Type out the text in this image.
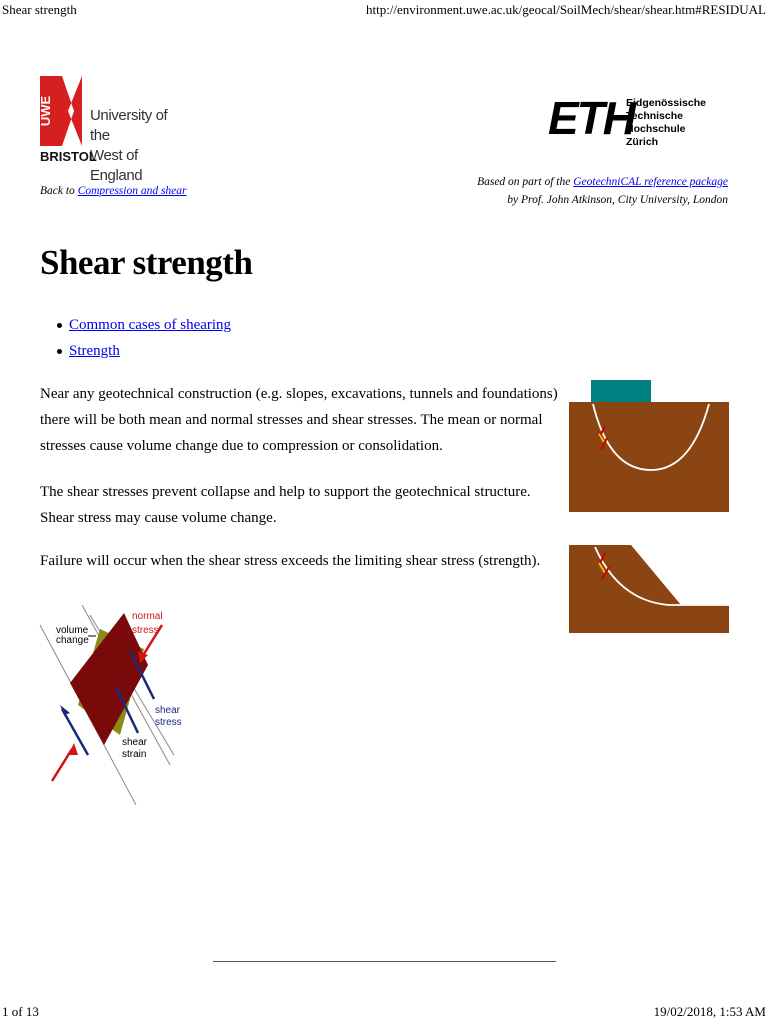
Shear strength	http://environment.uwe.ac.uk/geocal/SoilMech/shear/shear.htm#RESIDUAL
UWE University of the
West of England
BRISTOL
ETH
Eidgenössische
Technische Hochschule
Zürich
Back to Compression and shear
Based on part of the GeotechniCAL reference package
by Prof. John Atkinson, City University, London
Shear strength
Common cases of shearing
Strength

Near any geotechnical construction (e.g. slopes, excavations, tunnels and foundations) there will be both mean and normal stresses and shear stresses. The mean or normal stresses cause volume change due to compression or consolidation.

The shear stresses prevent collapse and help to support the geotechnical structure. Shear stress may cause volume change.

Failure will occur when the shear stress exceeds the limiting shear stress (strength).

volume
change
normal
stress
shear
stress
shear
strain
1 of 13	19/02/2018, 1:53 AM
